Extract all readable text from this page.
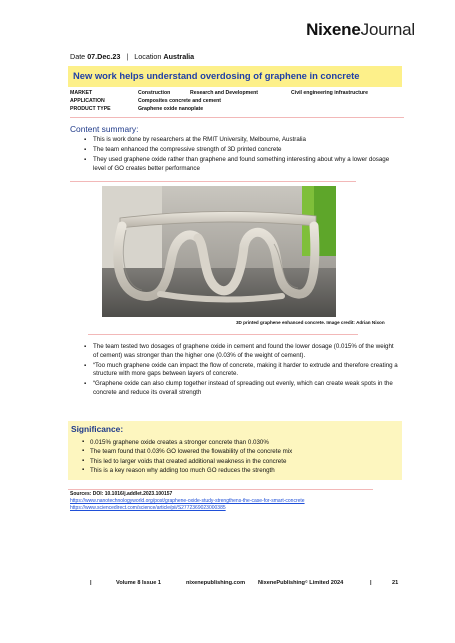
NixeneJournal
Date 07.Dec.23 | Location Australia
New work helps understand overdosing of graphene in concrete
MARKET	Construction	Research and Development	Civil engineering infrastructure
APPLICATION	Composites concrete and cement
PRODUCT TYPE	Graphene oxide nanoplate
Content summary:
▪ This is work done by researchers at the RMIT University, Melbourne, Australia
▪ The team enhanced the compressive strength of 3D printed concrete
▪ They used graphene oxide rather than graphene and found something interesting about why a lower dosage level of GO creates better performance
3D printed graphene enhanced concrete. Image credit: Adrian Nixon
▪ The team tested two dosages of graphene oxide in cement and found the lower dosage (0.015% of the weight of cement) was stronger than the higher one (0.03% of the weight of cement).
▪ “Too much graphene oxide can impact the flow of concrete, making it harder to extrude and therefore creating a structure with more gaps between layers of concrete.
▪ “Graphene oxide can also clump together instead of spreading out evenly, which can create weak spots in the concrete and reduce its overall strength
Significance:
▪ 0.015% graphene oxide creates a stronger concrete than 0.030%
▪ The team found that 0.03% GO lowered the flowability of the concrete mix
▪ This led to larger voids that created additional weakness in the concrete
▪ This is a key reason why adding too much GO reduces the strength
Sources: DOI: 10.1016/j.addlet.2023.100157
https://www.nanotechnologyworld.org/post/graphene-oxide-study-strengthens-the-case-for-smart-concrete
https://www.sciencedirect.com/science/article/pii/S2772369023000385
|	Volume 8 Issue 1	nixenepublishing.com NixenePublishing© Limited 2024	|	21
